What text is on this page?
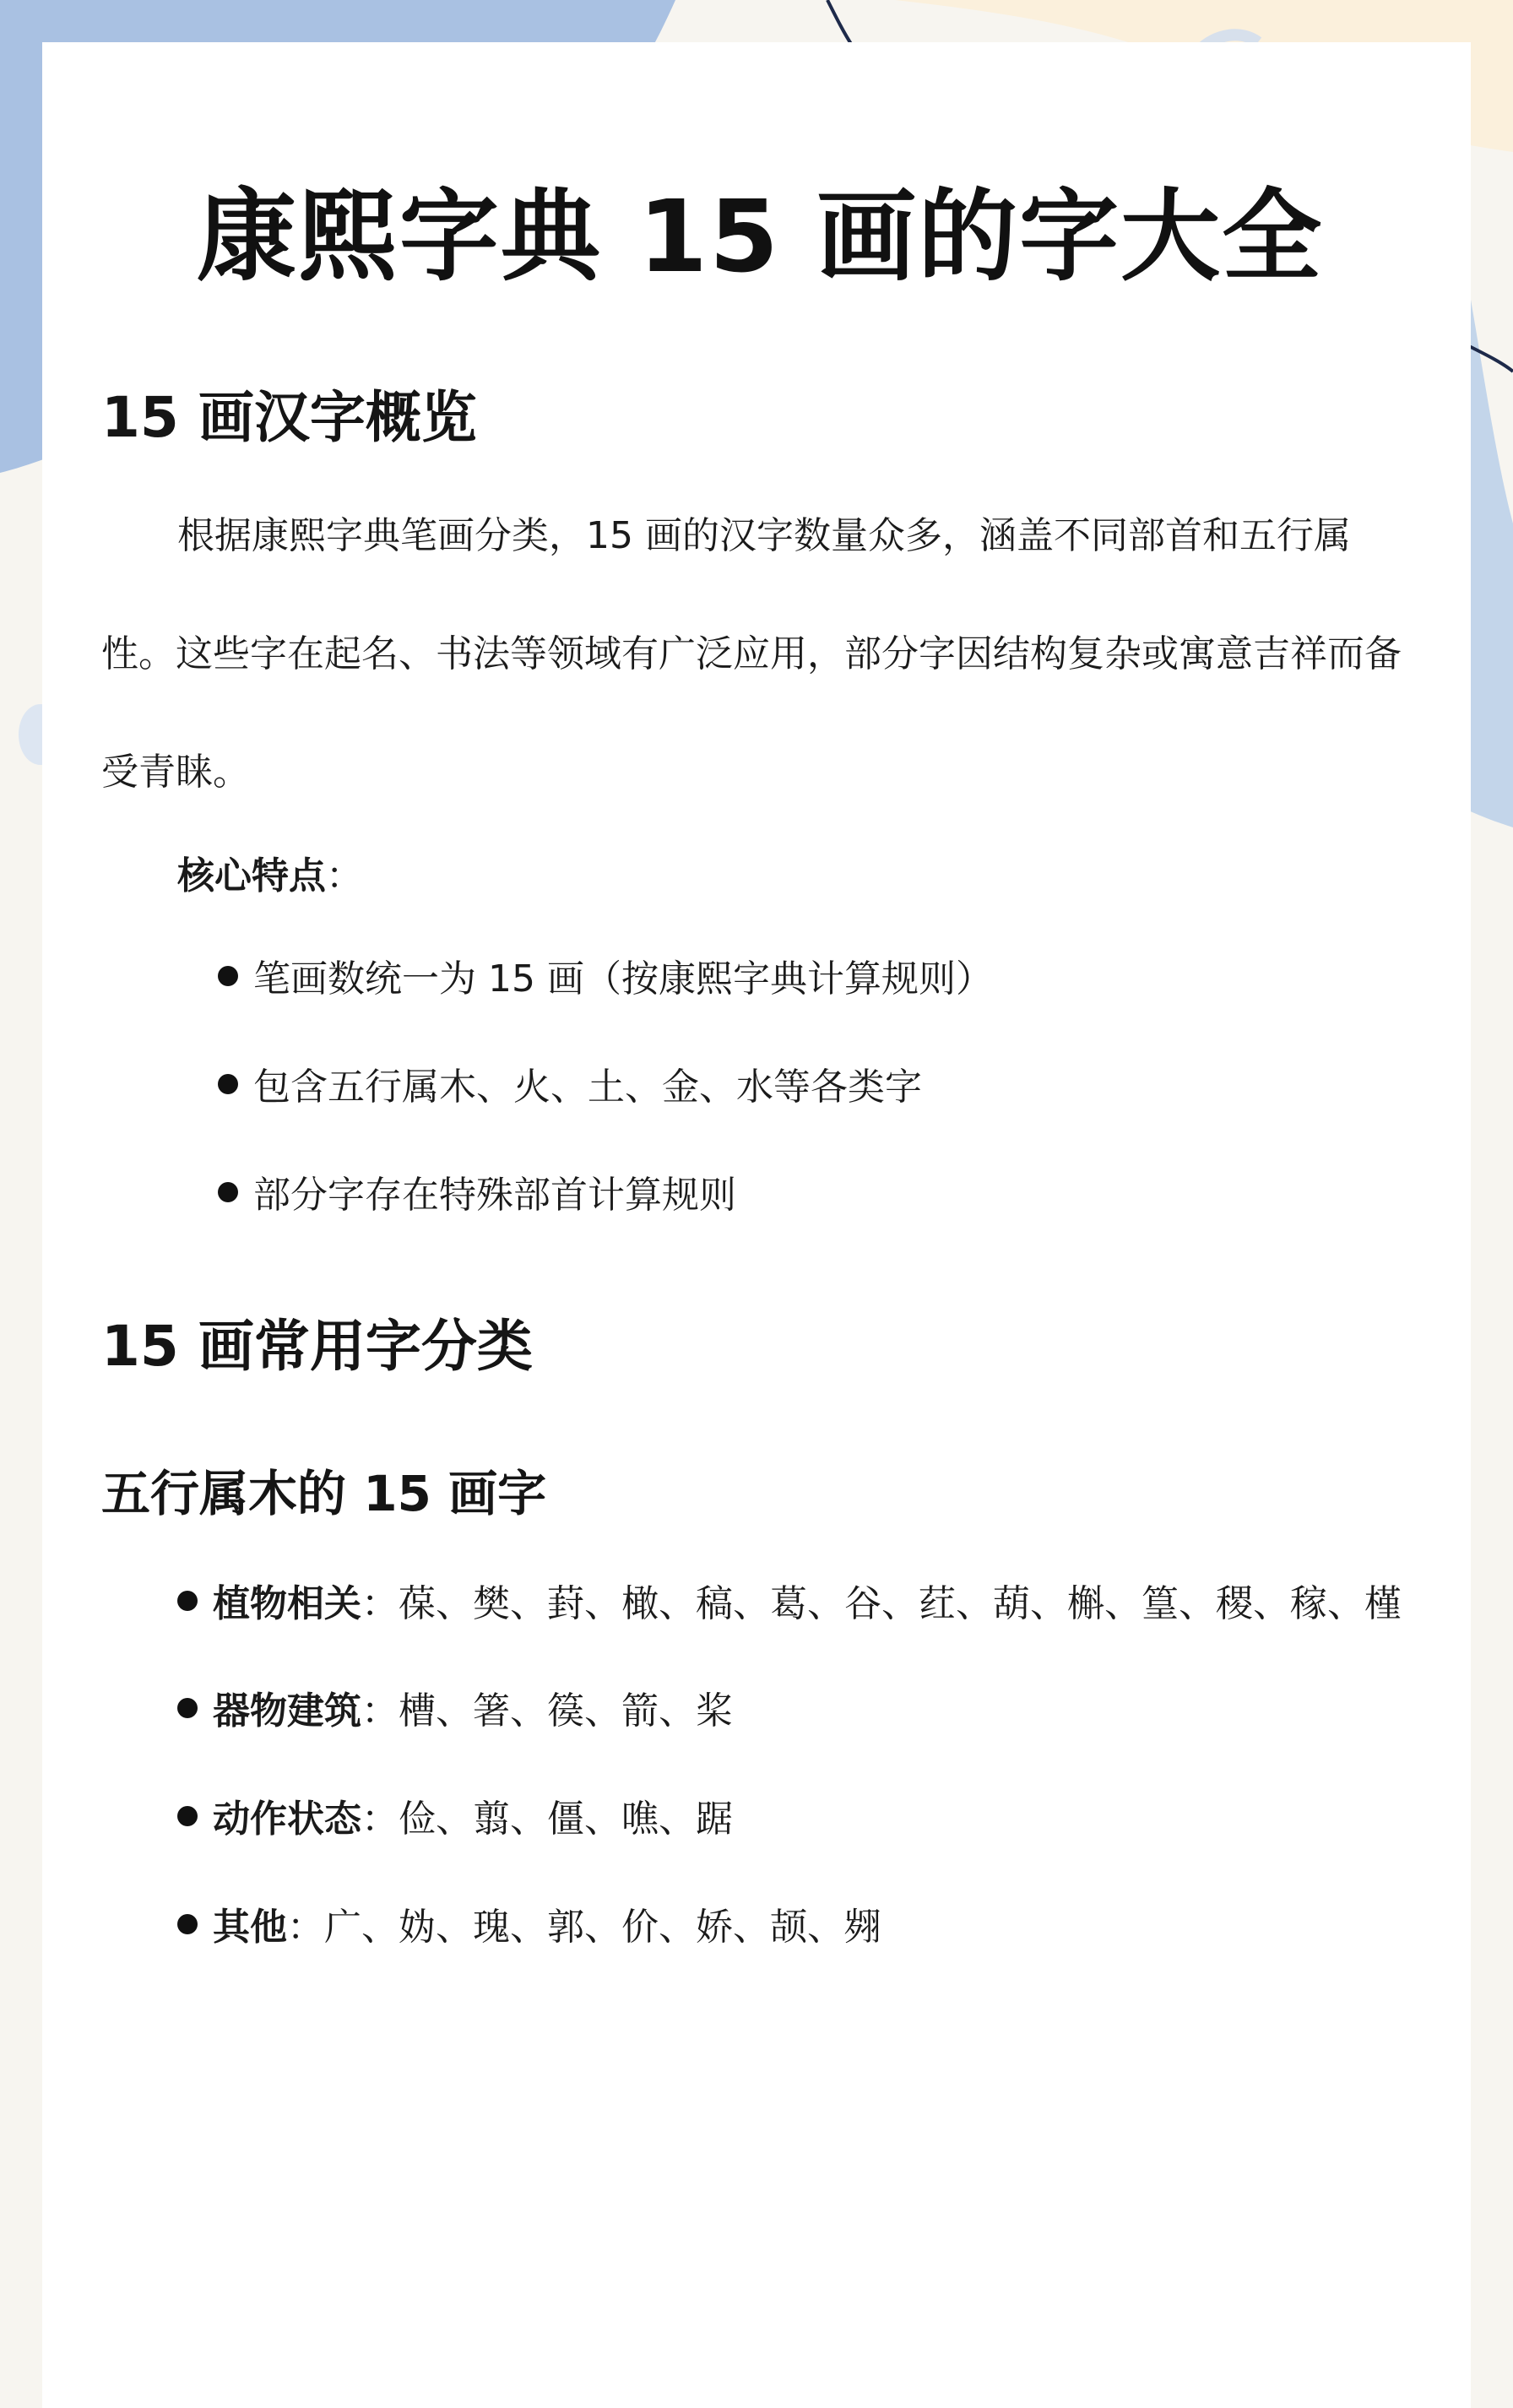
康熙字典 15 画的字大全
15 画汉字概览

根据康熙字典笔画分类，15 画的汉字数量众多，涵盖不同部首和五行属性。这些字在起名、书法等领域有广泛应用，部分字因结构复杂或寓意吉祥而备受青睐。

核心特点：

笔画数统一为 15 画（按康熙字典计算规则）
包含五行属木、火、土、金、水等各类字
部分字存在特殊部首计算规则
15 画常用字分类
五行属木的 15 画字
植物相关：葆、樊、葑、橄、稿、葛、谷、荭、葫、槲、篁、稷、稼、槿
器物建筑：槽、箸、篌、箭、桨
动作状态：俭、翦、僵、噍、踞
其他：广、妫、瑰、郭、价、娇、颉、翙
